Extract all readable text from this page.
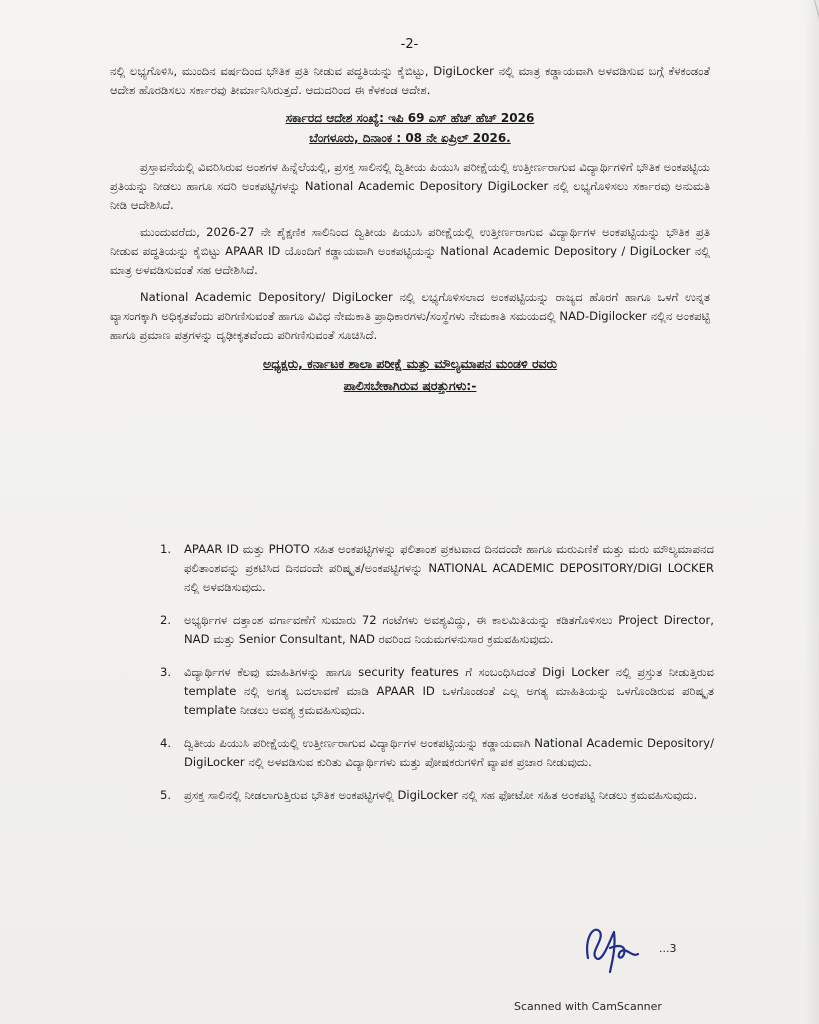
-2-

ನಲ್ಲಿ ಲಭ್ಯಗೊಳಿಸಿ, ಮುಂದಿನ ವರ್ಷದಿಂದ ಭೌತಿಕ ಪ್ರತಿ ನೀಡುವ ಪದ್ಧತಿಯನ್ನು ಕೈಬಿಟ್ಟು, DigiLocker ನಲ್ಲಿ ಮಾತ್ರ ಕಡ್ಡಾಯವಾಗಿ ಅಳವಡಿಸುವ ಬಗ್ಗೆ ಕೆಳಕಂಡಂತೆ ಆದೇಶ ಹೊರಡಿಸಲು ಸರ್ಕಾರವು ತೀರ್ಮಾನಿಸಿರುತ್ತದೆ. ಆದುದರಿಂದ ಈ ಕೆಳಕಂಡ ಆದೇಶ.

ಸರ್ಕಾರದ ಆದೇಶ ಸಂಖ್ಯೆ: ಇಪಿ 69 ಎಸ್ ಹೆಚ್ ಹೆಚ್ 2026
ಬೆಂಗಳೂರು, ದಿನಾಂಕ : 08 ನೇ ಏಪ್ರಿಲ್ 2026.

ಪ್ರಸ್ತಾವನೆಯಲ್ಲಿ ವಿವರಿಸಿರುವ ಅಂಶಗಳ ಹಿನ್ನೆಲೆಯಲ್ಲಿ, ಪ್ರಸಕ್ತ ಸಾಲಿನಲ್ಲಿ ದ್ವಿತೀಯ ಪಿಯುಸಿ ಪರೀಕ್ಷೆಯಲ್ಲಿ ಉತ್ತೀರ್ಣರಾಗುವ ವಿದ್ಯಾರ್ಥಿಗಳಿಗೆ ಭೌತಿಕ ಅಂಕಪಟ್ಟಿಯ ಪ್ರತಿಯನ್ನು ನೀಡಲು ಹಾಗೂ ಸದರಿ ಅಂಕಪಟ್ಟಿಗಳನ್ನು National Academic Depository DigiLocker ನಲ್ಲಿ ಲಭ್ಯಗೊಳಿಸಲು ಸರ್ಕಾರವು ಅನುಮತಿ ನೀಡಿ ಆದೇಶಿಸಿದೆ.

ಮುಂದುವರೆದು, 2026-27 ನೇ ಶೈಕ್ಷಣಿಕ ಸಾಲಿನಿಂದ ದ್ವಿತೀಯ ಪಿಯುಸಿ ಪರೀಕ್ಷೆಯಲ್ಲಿ ಉತ್ತೀರ್ಣರಾಗುವ ವಿದ್ಯಾರ್ಥಿಗಳ ಅಂಕಪಟ್ಟಿಯನ್ನು ಭೌತಿಕ ಪ್ರತಿ ನೀಡುವ ಪದ್ಧತಿಯನ್ನು ಕೈಬಿಟ್ಟು APAAR ID ಯೊಂದಿಗೆ ಕಡ್ಡಾಯವಾಗಿ ಅಂಕಪಟ್ಟಿಯನ್ನು National Academic Depository / DigiLocker ನಲ್ಲಿ ಮಾತ್ರ ಅಳವಡಿಸುವಂತೆ ಸಹ ಆದೇಶಿಸಿದೆ.

National Academic Depository/ DigiLocker ನಲ್ಲಿ ಲಭ್ಯಗೊಳಿಸಲಾದ ಅಂಕಪಟ್ಟಿಯನ್ನು ರಾಜ್ಯದ ಹೊರಗೆ ಹಾಗೂ ಒಳಗೆ ಉನ್ನತ ವ್ಯಾಸಂಗಕ್ಕಾಗಿ ಅಧಿಕೃತವೆಂದು ಪರಿಗಣಿಸುವಂತೆ ಹಾಗೂ ವಿವಿಧ ನೇಮಕಾತಿ ಪ್ರಾಧಿಕಾರಗಳು/ಸಂಸ್ಥೆಗಳು ನೇಮಕಾತಿ ಸಮಯದಲ್ಲಿ NAD-Digilocker ನಲ್ಲಿನ ಅಂಕಪಟ್ಟಿ ಹಾಗೂ ಪ್ರಮಾಣ ಪತ್ರಗಳನ್ನು ದೃಢೀಕೃತವೆಂದು ಪರಿಗಣಿಸುವಂತೆ ಸೂಚಿಸಿದೆ.

ಅಧ್ಯಕ್ಷರು, ಕರ್ನಾಟಕ ಶಾಲಾ ಪರೀಕ್ಷೆ ಮತ್ತು ಮೌಲ್ಯಮಾಪನ ಮಂಡಳಿ ರವರು
ಪಾಲಿಸಬೇಕಾಗಿರುವ ಷರತ್ತುಗಳು:-
1. APAAR ID ಮತ್ತು PHOTO ಸಹಿತ ಅಂಕಪಟ್ಟಿಗಳನ್ನು ಫಲಿತಾಂಶ ಪ್ರಕಟವಾದ ದಿನದಂದೇ ಹಾಗೂ ಮರುಎಣಿಕೆ ಮತ್ತು ಮರು ಮೌಲ್ಯಮಾಪನದ ಫಲಿತಾಂಶವನ್ನು ಪ್ರಕಟಿಸಿದ ದಿನದಂದೇ ಪರಿಷ್ಕೃತ/ಅಂಕಪಟ್ಟಿಗಳನ್ನು NATIONAL ACADEMIC DEPOSITORY/DIGI LOCKER ನಲ್ಲಿ ಅಳವಡಿಸುವುದು.
2. ಅಭ್ಯರ್ಥಿಗಳ ದತ್ತಾಂಶ ವರ್ಗಾವಣೆಗೆ ಸುಮಾರು 72 ಗಂಟೆಗಳು ಅವಶ್ಯವಿದ್ದು, ಈ ಕಾಲಮಿತಿಯನ್ನು ಕಡಿತಗೊಳಿಸಲು Project Director, NAD ಮತ್ತು Senior Consultant, NAD ರವರಿಂದ ನಿಯಮಗಳನುಸಾರ ಕ್ರಮವಹಿಸುವುದು.
3. ವಿದ್ಯಾರ್ಥಿಗಳ ಕೆಲವು ಮಾಹಿತಿಗಳನ್ನು ಹಾಗೂ security features ಗೆ ಸಂಬಂಧಿಸಿದಂತೆ Digi Locker ನಲ್ಲಿ ಪ್ರಸ್ತುತ ನೀಡುತ್ತಿರುವ template ನಲ್ಲಿ ಅಗತ್ಯ ಬದಲಾವಣೆ ಮಾಡಿ APAAR ID ಒಳಗೊಂಡಂತೆ ಎಲ್ಲ ಅಗತ್ಯ ಮಾಹಿತಿಯನ್ನು ಒಳಗೊಂಡಿರುವ ಪರಿಷ್ಕೃತ template ನೀಡಲು ಅವಶ್ಯ ಕ್ರಮವಹಿಸುವುದು.
4. ದ್ವಿತೀಯ ಪಿಯುಸಿ ಪರೀಕ್ಷೆಯಲ್ಲಿ ಉತ್ತೀರ್ಣರಾಗುವ ವಿದ್ಯಾರ್ಥಿಗಳ ಅಂಕಪಟ್ಟಿಯನ್ನು ಕಡ್ಡಾಯವಾಗಿ National Academic Depository/ DigiLocker ನಲ್ಲಿ ಅಳವಡಿಸುವ ಕುರಿತು ವಿದ್ಯಾರ್ಥಿಗಳು ಮತ್ತು ಪೋಷಕರುಗಳಿಗೆ ವ್ಯಾಪಕ ಪ್ರಚಾರ ನೀಡುವುದು.
5. ಪ್ರಸಕ್ತ ಸಾಲಿನಲ್ಲಿ ನೀಡಲಾಗುತ್ತಿರುವ ಭೌತಿಕ ಅಂಕಪಟ್ಟಿಗಳಲ್ಲಿ DigiLocker ನಲ್ಲಿ ಸಹ ಫೋಟೋ ಸಹಿತ ಅಂಕಪಟ್ಟಿ ನೀಡಲು ಕ್ರಮವಹಿಸುವುದು.
...3
Scanned with CamScanner
